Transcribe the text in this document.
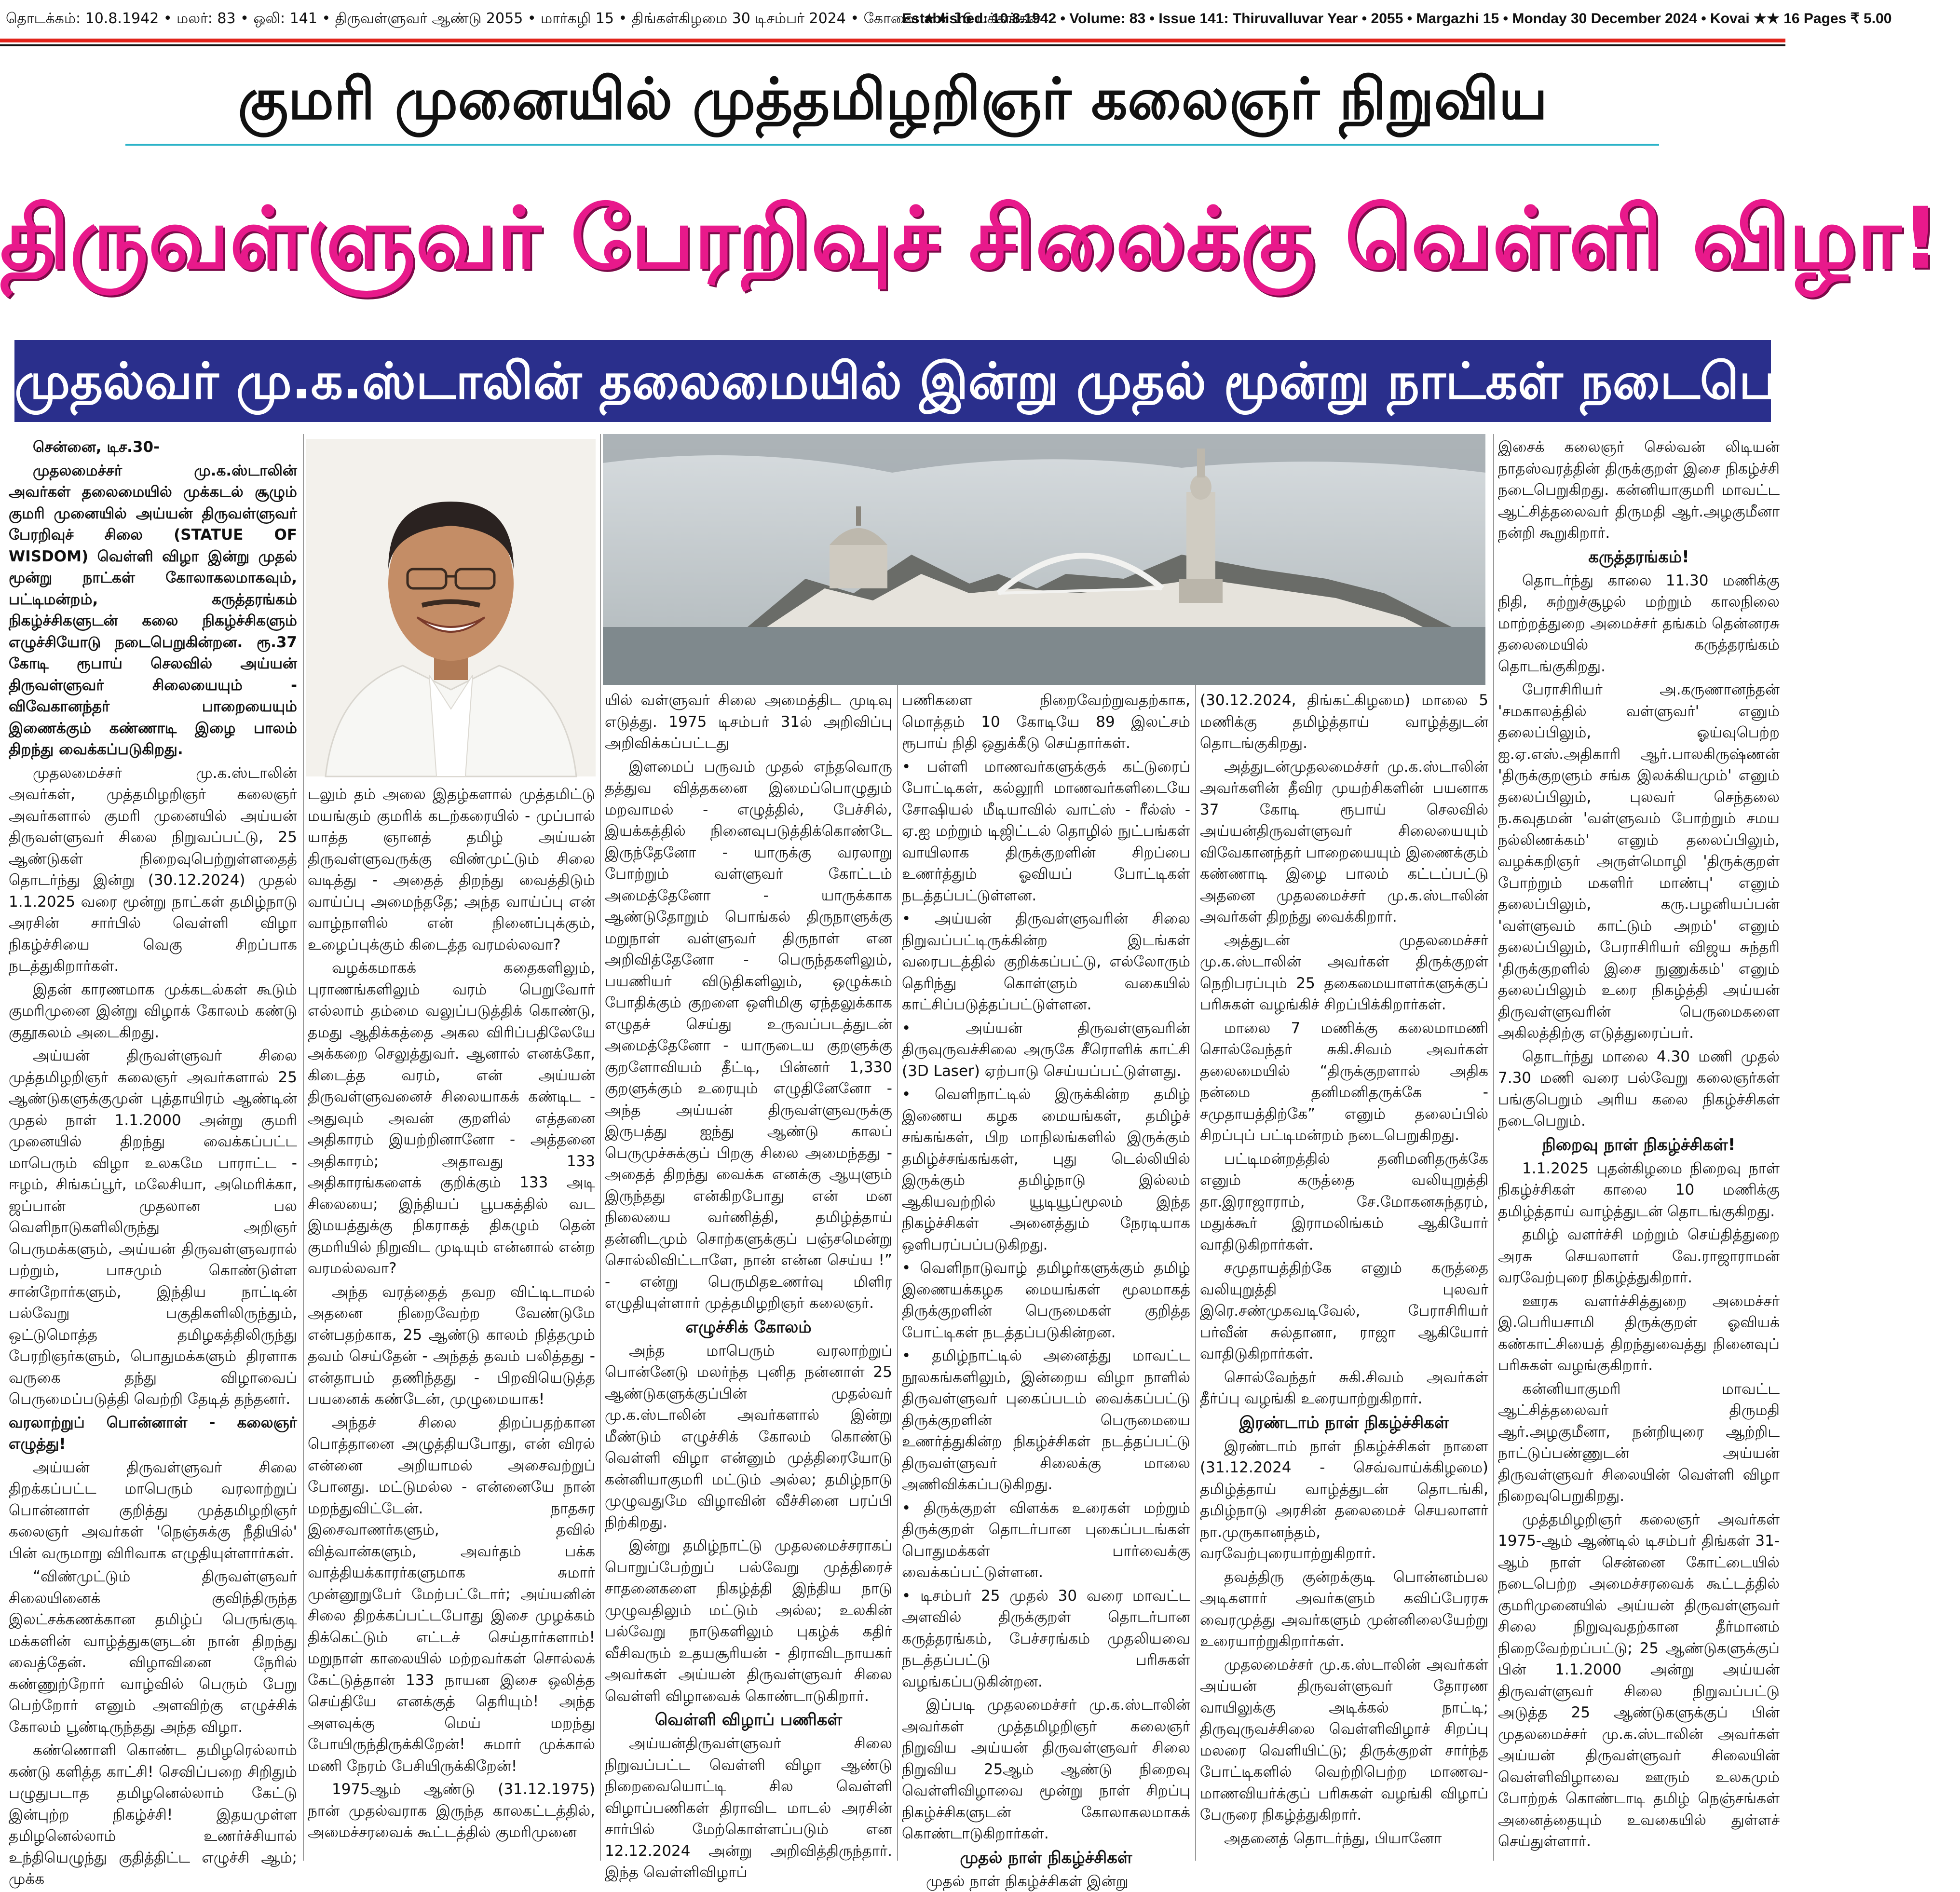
தொடக்கம்: 10.8.1942 • மலர்: 83 • ஒலி: 141 • திருவள்ளுவர் ஆண்டு 2055 • மார்கழி 15 • திங்கள்கிழமை 30 டிசம்பர் 2024 • கோவை ★★ 16 பக்கங்கள்
Established: 10.8.1942 • Volume: 83 • Issue 141: Thiruvalluvar Year • 2055 • Margazhi 15 • Monday 30 December 2024 • Kovai ★★ 16 Pages ₹ 5.00
குமரி முனையில் முத்தமிழறிஞர் கலைஞர் நிறுவிய
திருவள்ளுவர் பேரறிவுச் சிலைக்கு வெள்ளி விழா!
முதல்வர் மு.க.ஸ்டாலின் தலைமையில் இன்று முதல் மூன்று நாட்கள் நடைபெறுகிறது!

சென்னை, டிச.30-

முதலமைச்சர் மு.க.ஸ்டாலின் அவர்கள் தலைமையில் முக்கடல் சூழும் குமரி முனையில் அய்யன் திருவள்ளுவர் பேரறிவுச் சிலை (STATUE OF WISDOM) வெள்ளி விழா இன்று முதல் மூன்று நாட்கள் கோலாகலமாகவும், பட்டிமன்றம், கருத்தரங்கம் நிகழ்ச்சிகளுடன் கலை நிகழ்ச்சிகளும் எழுச்சியோடு நடைபெறுகின்றன. ரூ.37 கோடி ரூபாய் செலவில் அய்யன் திருவள்ளுவர் சிலையையும் - விவேகானந்தர் பாறையையும் இணைக்கும் கண்ணாடி இழை பாலம் திறந்து வைக்கப்படுகிறது.

முதலமைச்சர் மு.க.ஸ்டாலின் அவர்கள், முத்தமிழறிஞர் கலைஞர் அவர்களால் குமரி முனையில் அய்யன் திருவள்ளுவர் சிலை நிறுவப்பட்டு, 25 ஆண்டுகள் நிறைவுபெற்றுள்ளதைத் தொடர்ந்து இன்று (30.12.2024) முதல் 1.1.2025 வரை மூன்று நாட்கள் தமிழ்நாடு அரசின் சார்பில் வெள்ளி விழா நிகழ்ச்சியை வெகு சிறப்பாக நடத்துகிறார்கள்.

இதன் காரணமாக முக்கடல்கள் கூடும் குமரிமுனை இன்று விழாக் கோலம் கண்டு குதூகலம் அடைகிறது.

அய்யன் திருவள்ளுவர் சிலை முத்தமிழறிஞர் கலைஞர் அவர்களால் 25 ஆண்டுகளுக்குமுன் புத்தாயிரம் ஆண்டின் முதல் நாள் 1.1.2000 அன்று குமரி முனையில் திறந்து வைக்கப்பட்ட மாபெரும் விழா உலகமே பாராட்ட - ஈழம், சிங்கப்பூர், மலேசியா, அமெரிக்கா, ஜப்பான் முதலான பல வெளிநாடுகளிலிருந்து அறிஞர் பெருமக்களும், அய்யன் திருவள்ளுவரால் பற்றும், பாசமும் கொண்டுள்ள சான்றோர்களும், இந்திய நாட்டின் பல்வேறு பகுதிகளிலிருந்தும், ஒட்டுமொத்த தமிழகத்திலிருந்து பேரறிஞர்களும், பொதுமக்களும் திரளாக வருகை தந்து விழாவைப் பெருமைப்படுத்தி வெற்றி தேடித் தந்தனர்.

வரலாற்றுப் பொன்னாள் - கலைஞர் எழுத்து!

அய்யன் திருவள்ளுவர் சிலை திறக்கப்பட்ட மாபெரும் வரலாற்றுப் பொன்னாள் குறித்து முத்தமிழறிஞர் கலைஞர் அவர்கள் 'நெஞ்சுக்கு நீதியில்' பின் வருமாறு விரிவாக எழுதியுள்ளார்கள்.

“விண்முட்டும் திருவள்ளுவர் சிலையினைக் குவிந்திருந்த இலட்சக்கணக்கான தமிழ்ப் பெருங்குடி மக்களின் வாழ்த்துகளுடன் நான் திறந்து வைத்தேன். விழாவினை நேரில் கண்ணுற்றோர் வாழ்வில் பெரும் பேறு பெற்றோர் எனும் அளவிற்கு எழுச்சிக் கோலம் பூண்டிருந்தது அந்த விழா.

கண்ணொளி கொண்ட தமிழரெல்லாம் கண்டு களித்த காட்சி! செவிப்பறை சிறிதும் பழுதுபடாத தமிழனெல்லாம் கேட்டு இன்புற்ற நிகழ்ச்சி! இதயமுள்ள தமிழனெல்லாம் உணர்ச்சியால் உந்தியெழுந்து குதித்திட்ட எழுச்சி ஆம்; முக்க

டலும் தம் அலை இதழ்களால் முத்தமிட்டு மயங்கும் குமரிக் கடற்கரையில் - முப்பால் யாத்த ஞானத் தமிழ் அய்யன் திருவள்ளுவருக்கு விண்முட்டும் சிலை வடித்து - அதைத் திறந்து வைத்திடும் வாய்ப்பு அமைந்ததே; அந்த வாய்ப்பு என் வாழ்நாளில் என் நினைப்புக்கும், உழைப்புக்கும் கிடைத்த வரமல்லவா?

வழக்கமாகக் கதைகளிலும், புராணங்களிலும் வரம் பெறுவோர் எல்லாம் தம்மை வலுப்படுத்திக் கொண்டு, தமது ஆதிக்கத்தை அகல விரிப்பதிலேயே அக்கறை செலுத்துவர். ஆனால் எனக்கோ, கிடைத்த வரம், என் அய்யன் திருவள்ளுவனைச் சிலையாகக் கண்டிட - அதுவும் அவன் குறளில் எத்தனை அதிகாரம் இயற்றினானோ - அத்தனை அதிகாரம்; அதாவது 133 அதிகாரங்களைக் குறிக்கும் 133 அடி சிலையை; இந்தியப் பூபகத்தில் வட இமயத்துக்கு நிகராகத் திகழும் தென் குமரியில் நிறுவிட முடியும் என்னால் என்ற வரமல்லவா?

அந்த வரத்தைத் தவற விட்டிடாமல் அதனை நிறைவேற்ற வேண்டுமே என்பதற்காக, 25 ஆண்டு காலம் நித்தமும் தவம் செய்தேன் - அந்தத் தவம் பலித்தது - என்தாபம் தணிந்தது - பிறவியெடுத்த பயனைக் கண்டேன், முழுமையாக!

அந்தச் சிலை திறப்பதற்கான பொத்தானை அழுத்தியபோது, என் விரல் என்னை அறியாமல் அசைவற்றுப் போனது. மட்டுமல்ல - என்னையே நான் மறந்துவிட்டேன். நாதசுர இசைவாணர்களும், தவில் வித்வான்களும், அவர்தம் பக்க வாத்தியக்காரர்களுமாக சுமார் முன்னூறுபேர் மேற்பட்டோர்; அய்யனின் சிலை திறக்கப்பட்டபோது இசை முழக்கம் திக்கெட்டும் எட்டச் செய்தார்களாம்! மறுநாள் காலையில் மற்றவர்கள் சொல்லக் கேட்டுத்தான் 133 நாயன இசை ஒலித்த செய்தியே எனக்குத் தெரியும்! அந்த அளவுக்கு மெய் மறந்து போயிருந்திருக்கிறேன்! சுமார் முக்கால் மணி நேரம் பேசியிருக்கிறேன்!

1975ஆம் ஆண்டு (31.12.1975) நான் முதல்வராக இருந்த காலகட்டத்தில், அமைச்சரவைக் கூட்டத்தில் குமரிமுனை

யில் வள்ளுவர் சிலை அமைத்திட முடிவு எடுத்து. 1975 டிசம்பர் 31ல் அறிவிப்பு அறிவிக்கப்பட்டது

இளமைப் பருவம் முதல் எந்தவொரு தத்துவ வித்தகனை இமைப்பொழுதும் மறவாமல் - எழுத்தில், பேச்சில், இயக்கத்தில் நினைவுபடுத்திக்கொண்டே இருந்தேனோ - யாருக்கு வரலாறு போற்றும் வள்ளுவர் கோட்டம் அமைத்தேனோ - யாருக்காக ஆண்டுதோறும் பொங்கல் திருநாளுக்கு மறுநாள் வள்ளுவர் திருநாள் என அறிவித்தேனோ - பெருந்தகளிலும், பயணியர் விடுதிகளிலும், ஒழுக்கம் போதிக்கும் குறளை ஒளிமிகு ஏந்தலுக்காக எழுதச் செய்து உருவப்படத்துடன் அமைத்தேனோ - யாருடைய குறளுக்கு குறளோவியம் தீட்டி, பின்னர் 1,330 குறளுக்கும் உரையும் எழுதினேனோ - அந்த அய்யன் திருவள்ளுவருக்கு இருபத்து ஐந்து ஆண்டு காலப் பெருமுச்சுக்குப் பிறகு சிலை அமைந்தது - அதைத் திறந்து வைக்க எனக்கு ஆயுளும் இருந்தது என்கிறபோது என் மன நிலையை வர்ணித்தி, தமிழ்த்தாய் தன்னிடமும் சொற்களுக்குப் பஞ்சமென்று சொல்லிவிட்டாளே, நான் என்ன செய்ய !” - என்று பெருமிதஉணர்வு மிளிர எழுதியுள்ளார் முத்தமிழறிஞர் கலைஞர்.

எழுச்சிக் கோலம்

அந்த மாபெரும் வரலாற்றுப் பொன்னேடு மலர்ந்த புனித நன்னாள் 25 ஆண்டுகளுக்குப்பின் முதல்வர் மு.க.ஸ்டாலின் அவர்களால் இன்று மீண்டும் எழுச்சிக் கோலம் கொண்டு வெள்ளி விழா என்னும் முத்திரையோடு கன்னியாகுமரி மட்டும் அல்ல; தமிழ்நாடு முழுவதுமே விழாவின் வீச்சினை பரப்பி நிற்கிறது.

இன்று தமிழ்நாட்டு முதலமைச்சராகப் பொறுப்பேற்றுப் பல்வேறு முத்திரைச் சாதனைகளை நிகழ்த்தி இந்திய நாடு முழுவதிலும் மட்டும் அல்ல; உலகின் பல்வேறு நாடுகளிலும் புகழ்க் கதிர் வீசிவரும் உதயசூரியன் - திராவிடநாயகர் அவர்கள் அய்யன் திருவள்ளுவர் சிலை வெள்ளி விழாவைக் கொண்டாடுகிறார்.

வெள்ளி விழாப் பணிகள்

அய்யன்திருவள்ளுவர் சிலை நிறுவப்பட்ட வெள்ளி விழா ஆண்டு நிறைவையொட்டி சில வெள்ளி விழாப்பணிகள் திராவிட மாடல் அரசின் சார்பில் மேற்கொள்ளப்படும் என 12.12.2024 அன்று அறிவித்திருந்தார். இந்த வெள்ளிவிழாப்

பணிகளை நிறைவேற்றுவதற்காக, மொத்தம் 10 கோடியே 89 இலட்சம் ரூபாய் நிதி ஒதுக்கீடு செய்தார்கள்.

• பள்ளி மாணவர்களுக்குக் கட்டுரைப் போட்டிகள், கல்லூரி மாணவர்களிடையே சோஷியல் மீடியாவில் வாட்ஸ் - ரீல்ஸ் - ஏ.ஐ மற்றும் டிஜிட்டல் தொழில் நுட்பங்கள் வாயிலாக திருக்குறளின் சிறப்பை உணர்த்தும் ஓவியப் போட்டிகள் நடத்தப்பட்டுள்ளன.

• அய்யன் திருவள்ளுவரின் சிலை நிறுவப்பட்டிருக்கின்ற இடங்கள் வரைபடத்தில் குறிக்கப்பட்டு, எல்லோரும் தெரிந்து கொள்ளும் வகையில் காட்சிப்படுத்தப்பட்டுள்ளன.

• அய்யன் திருவள்ளுவரின் திருவுருவச்சிலை அருகே சீரொளிக் காட்சி (3D Laser) ஏற்பாடு செய்யப்பட்டுள்ளது.

• வெளிநாட்டில் இருக்கின்ற தமிழ் இணைய கழக மையங்கள், தமிழ்ச் சங்கங்கள், பிற மாநிலங்களில் இருக்கும் தமிழ்ச்சங்கங்கள், புது டெல்லியில் இருக்கும் தமிழ்நாடு இல்லம் ஆகியவற்றில் யூடியூப்மூலம் இந்த நிகழ்ச்சிகள் அனைத்தும் நேரடியாக ஒளிபரப்பப்படுகிறது.

• வெளிநாடுவாழ் தமிழர்களுக்கும் தமிழ் இணையக்கழக மையங்கள் மூலமாகத் திருக்குறளின் பெருமைகள் குறித்த போட்டிகள் நடத்தப்படுகின்றன.

• தமிழ்நாட்டில் அனைத்து மாவட்ட நூலகங்களிலும், இன்றைய விழா நாளில் திருவள்ளுவர் புகைப்படம் வைக்கப்பட்டு திருக்குறளின் பெருமையை உணர்த்துகின்ற நிகழ்ச்சிகள் நடத்தப்பட்டு திருவள்ளுவர் சிலைக்கு மாலை அணிவிக்கப்படுகிறது.

• திருக்குறள் விளக்க உரைகள் மற்றும் திருக்குறள் தொடர்பான புகைப்படங்கள் பொதுமக்கள் பார்வைக்கு வைக்கப்பட்டுள்ளன.

• டிசம்பர் 25 முதல் 30 வரை மாவட்ட அளவில் திருக்குறள் தொடர்பான கருத்தரங்கம், பேச்சரங்கம் முதலியவை நடத்தப்பட்டு பரிசுகள் வழங்கப்படுகின்றன.

இப்படி முதலமைச்சர் மு.க.ஸ்டாலின் அவர்கள் முத்தமிழறிஞர் கலைஞர் நிறுவிய அய்யன் திருவள்ளுவர் சிலை நிறுவிய 25ஆம் ஆண்டு நிறைவு வெள்ளிவிழாவை மூன்று நாள் சிறப்பு நிகழ்ச்சிகளுடன் கோலாகலமாகக் கொண்டாடுகிறார்கள்.

முதல் நாள் நிகழ்ச்சிகள்

முதல் நாள் நிகழ்ச்சிகள் இன்று

(30.12.2024, திங்கட்கிழமை) மாலை 5 மணிக்கு தமிழ்த்தாய் வாழ்த்துடன் தொடங்குகிறது.

அத்துடன்முதலமைச்சர் மு.க.ஸ்டாலின் அவர்களின் தீவிர முயற்சிகளின் பயனாக 37 கோடி ரூபாய் செலவில் அய்யன்திருவள்ளுவர் சிலையையும் விவேகானந்தர் பாறையையும் இணைக்கும் கண்ணாடி இழை பாலம் கட்டப்பட்டு அதனை முதலமைச்சர் மு.க.ஸ்டாலின் அவர்கள் திறந்து வைக்கிறார்.

அத்துடன் முதலமைச்சர் மு.க.ஸ்டாலின் அவர்கள் திருக்குறள் நெறிபரப்பும் 25 தகைமையாளர்களுக்குப் பரிசுகள் வழங்கிச் சிறப்பிக்கிறார்கள்.

மாலை 7 மணிக்கு கலைமாமணி சொல்வேந்தர் சுகி.சிவம் அவர்கள் தலைமையில் “திருக்குறளால் அதிக நன்மை தனிமனிதருக்கே - சமுதாயத்திற்கே” எனும் தலைப்பில் சிறப்புப் பட்டிமன்றம் நடைபெறுகிறது.

பட்டிமன்றத்தில் தனிமனிதருக்கே எனும் கருத்தை வலியுறுத்தி தா.இராஜாராம், சே.மோகனசுந்தரம், மதுக்கூர் இராமலிங்கம் ஆகியோர் வாதிடுகிறார்கள்.

சமுதாயத்திற்கே எனும் கருத்தை வலியுறுத்தி புலவர் இரெ.சண்முகவடிவேல், பேராசிரியர் பர்வீன் சுல்தானா, ராஜா ஆகியோர் வாதிடுகிறார்கள்.

சொல்வேந்தர் சுகி.சிவம் அவர்கள் தீர்ப்பு வழங்கி உரையாற்றுகிறார்.

இரண்டாம் நாள் நிகழ்ச்சிகள்

இரண்டாம் நாள் நிகழ்ச்சிகள் நாளை (31.12.2024 - செவ்வாய்க்கிழமை) தமிழ்த்தாய் வாழ்த்துடன் தொடங்கி, தமிழ்நாடு அரசின் தலைமைச் செயலாளர் நா.முருகானந்தம், வரவேற்புரையாற்றுகிறார்.

தவத்திரு குன்றக்குடி பொன்னம்பல அடிகளார் அவர்களும் கவிப்பேரரசு வைரமுத்து அவர்களும் முன்னிலையேற்று உரையாற்றுகிறார்கள்.

முதலமைச்சர் மு.க.ஸ்டாலின் அவர்கள் அய்யன் திருவள்ளுவர் தோரண வாயிலுக்கு அடிக்கல் நாட்டி; திருவுருவச்சிலை வெள்ளிவிழாச் சிறப்பு மலரை வெளியிட்டு; திருக்குறள் சார்ந்த போட்டிகளில் வெற்றிபெற்ற மாணவ- மாணவியர்க்குப் பரிசுகள் வழங்கி விழாப் பேருரை நிகழ்த்துகிறார்.

அதனைத் தொடர்ந்து, பியானோ

இசைக் கலைஞர் செல்வன் லிடியன் நாதஸ்வரத்தின் திருக்குறள் இசை நிகழ்ச்சி நடைபெறுகிறது. கன்னியாகுமரி மாவட்ட ஆட்சித்தலைவர் திருமதி ஆர்.அழகுமீனா நன்றி கூறுகிறார்.

கருத்தரங்கம்!

தொடர்ந்து காலை 11.30 மணிக்கு நிதி, சுற்றுச்சூழல் மற்றும் காலநிலை மாற்றத்துறை அமைச்சர் தங்கம் தென்னரசு தலைமையில் கருத்தரங்கம் தொடங்குகிறது.

பேராசிரியர் அ.கருணானந்தன் 'சமகாலத்தில் வள்ளுவர்' எனும் தலைப்பிலும், ஓய்வுபெற்ற ஐ.ஏ.எஸ்.அதிகாரி ஆர்.பாலகிருஷ்ணன் 'திருக்குறளும் சங்க இலக்கியமும்' எனும் தலைப்பிலும், புலவர் செந்தலை ந.கவுதமன் 'வள்ளுவம் போற்றும் சமய நல்லிணக்கம்' எனும் தலைப்பிலும், வழக்கறிஞர் அருள்மொழி 'திருக்குறள் போற்றும் மகளிர் மாண்பு' எனும் தலைப்பிலும், கரு.பழனியப்பன் 'வள்ளுவம் காட்டும் அறம்' எனும் தலைப்பிலும், பேராசிரியர் விஜய சுந்தரி 'திருக்குறளில் இசை நுணுக்கம்' எனும் தலைப்பிலும் உரை நிகழ்த்தி அய்யன் திருவள்ளுவரின் பெருமைகளை அகிலத்திற்கு எடுத்துரைப்பர்.

தொடர்ந்து மாலை 4.30 மணி முதல் 7.30 மணி வரை பல்வேறு கலைஞர்கள் பங்குபெறும் அரிய கலை நிகழ்ச்சிகள் நடைபெறும்.

நிறைவு நாள் நிகழ்ச்சிகள்!

1.1.2025 புதன்கிழமை நிறைவு நாள் நிகழ்ச்சிகள் காலை 10 மணிக்கு தமிழ்த்தாய் வாழ்த்துடன் தொடங்குகிறது.

தமிழ் வளர்ச்சி மற்றும் செய்தித்துறை அரசு செயலாளர் வே.ராஜாராமன் வரவேற்புரை நிகழ்த்துகிறார்.

ஊரக வளர்ச்சித்துறை அமைச்சர் இ.பெரியசாமி திருக்குறள் ஓவியக் கண்காட்சியைத் திறந்துவைத்து நினைவுப் பரிசுகள் வழங்குகிறார்.

கன்னியாகுமரி மாவட்ட ஆட்சித்தலைவர் திருமதி ஆர்.அழகுமீனா, நன்றியுரை ஆற்றிட நாட்டுப்பண்ணுடன் அய்யன் திருவள்ளுவர் சிலையின் வெள்ளி விழா நிறைவுபெறுகிறது.

முத்தமிழறிஞர் கலைஞர் அவர்கள் 1975-ஆம் ஆண்டில் டிசம்பர் திங்கள் 31-ஆம் நாள் சென்னை கோட்டையில் நடைபெற்ற அமைச்சரவைக் கூட்டத்தில் குமரிமுனையில் அய்யன் திருவள்ளுவர் சிலை நிறுவுவதற்கான தீர்மானம் நிறைவேற்றப்பட்டு; 25 ஆண்டுகளுக்குப் பின் 1.1.2000 அன்று அய்யன் திருவள்ளுவர் சிலை நிறுவப்பட்டு அடுத்த 25 ஆண்டுகளுக்குப் பின் முதலமைச்சர் மு.க.ஸ்டாலின் அவர்கள் அய்யன் திருவள்ளுவர் சிலையின் வெள்ளிவிழாவை ஊரும் உலகமும் போற்றக் கொண்டாடி தமிழ் நெஞ்சங்கள் அனைத்தையும் உவகையில் துள்ளச் செய்துள்ளார்.
